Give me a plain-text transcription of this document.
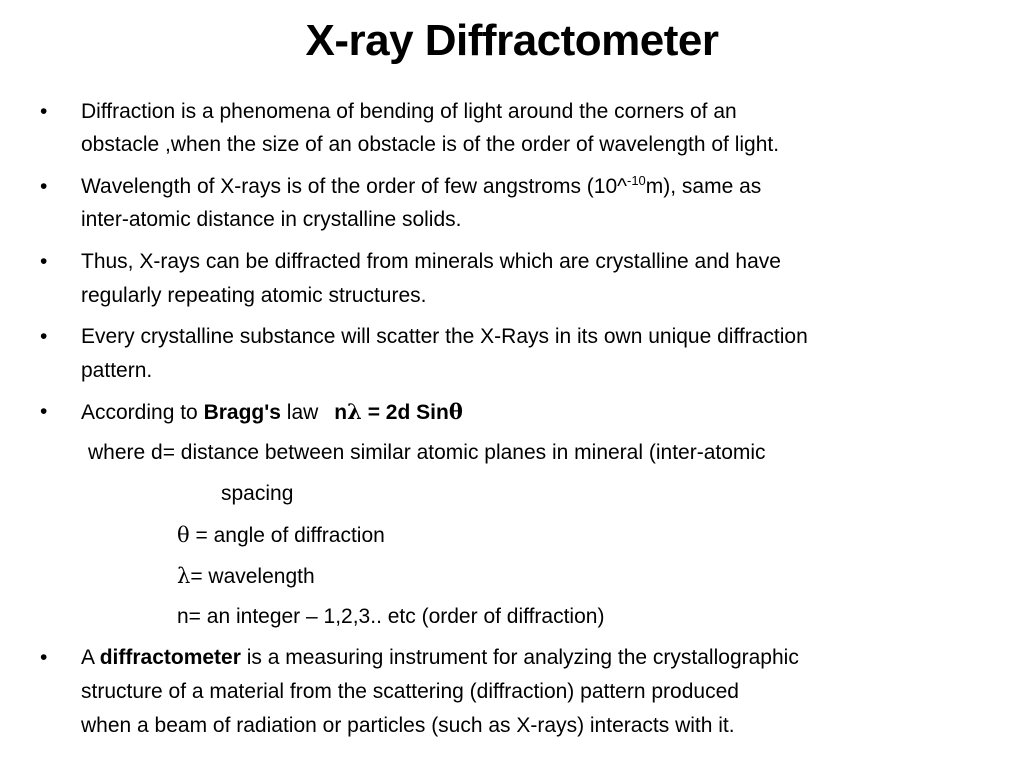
X-ray Diffractometer
• Diffraction is a phenomena of bending of light around the corners of an
obstacle ,when the size of an obstacle is of the order of wavelength of light.
• Wavelength of X-rays is of the order of few angstroms (10^$^{-10}$m), same as
inter-atomic distance in crystalline solids.
• Thus, X-rays can be diffracted from minerals which are crystalline and have
regularly repeating atomic structures.
• Every crystalline substance will scatter the X-Rays in its own unique diffraction
pattern.
• According to Bragg's law nλ = 2d Sinθ
where d= distance between similar atomic planes in mineral (inter-atomic
spacing
θ = angle of diffraction
λ= wavelength
n= an integer – 1,2,3.. etc (order of diffraction)
• A diffractometer is a measuring instrument for analyzing the crystallographic
structure of a material from the scattering (diffraction) pattern produced
when a beam of radiation or particles (such as X-rays) interacts with it.
